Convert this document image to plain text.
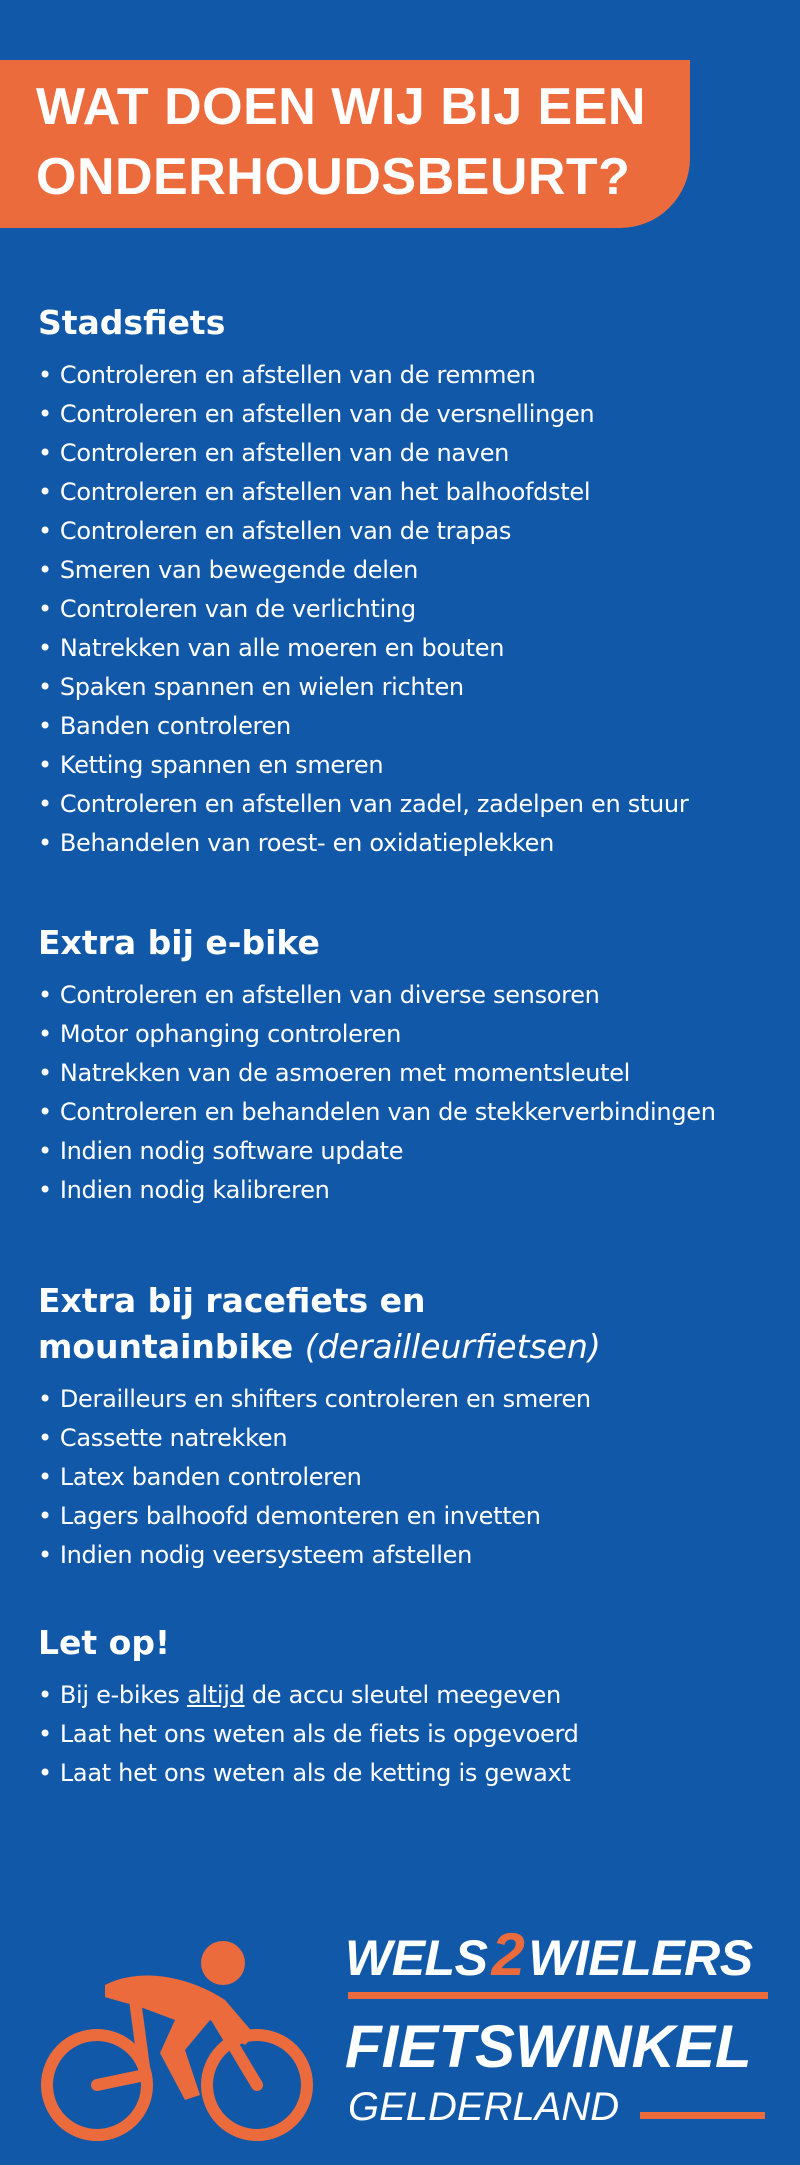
WAT DOEN WIJ BIJ EEN
ONDERHOUDSBEURT?
Stadsfiets
• Controleren en afstellen van de remmen
• Controleren en afstellen van de versnellingen
• Controleren en afstellen van de naven
• Controleren en afstellen van het balhoofdstel
• Controleren en afstellen van de trapas
• Smeren van bewegende delen
• Controleren van de verlichting
• Natrekken van alle moeren en bouten
• Spaken spannen en wielen richten
• Banden controleren
• Ketting spannen en smeren
• Controleren en afstellen van zadel, zadelpen en stuur
• Behandelen van roest- en oxidatieplekken
Extra bij e-bike
• Controleren en afstellen van diverse sensoren
• Motor ophanging controleren
• Natrekken van de asmoeren met momentsleutel
• Controleren en behandelen van de stekkerverbindingen
• Indien nodig software update
• Indien nodig kalibreren
Extra bij racefiets en
mountainbike (derailleurfietsen)
• Derailleurs en shifters controleren en smeren
• Cassette natrekken
• Latex banden controleren
• Lagers balhoofd demonteren en invetten
• Indien nodig veersysteem afstellen
Let op!
• Bij e-bikes altijd de accu sleutel meegeven
• Laat het ons weten als de fiets is opgevoerd
• Laat het ons weten als de ketting is gewaxt
WELS2WIELERS
FIETSWINKEL
GELDERLAND
